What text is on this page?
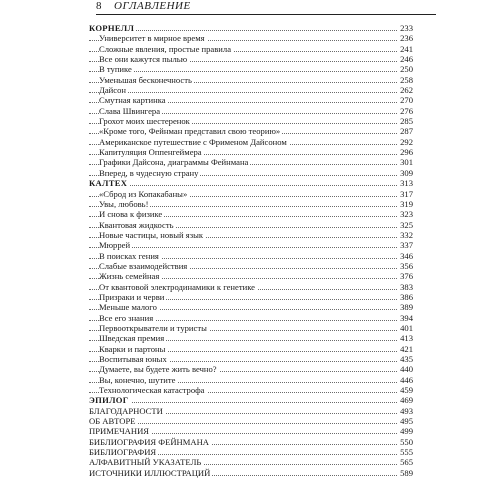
8 ОГЛАВЛЕНИЕ
КОРНЕЛЛ	233
Университет в мирное время	236
Сложные явления, простые правила	241
Все они кажутся пылью	246
В тупике	250
Уменьшая бесконечность	258
Дайсон	262
Смутная картинка	270
Слава Швингера	276
Грохот моих шестеренок	285
«Кроме того, Фейнман представил свою теорию»	287
Американское путешествие с Фрименом Дайсоном	292
Капитуляция Оппенгеймера	296
Графики Дайсона, диаграммы Фейнмана	301
Вперед, в чудесную страну	309
КАЛТЕХ	313
«Сброд из Копакабаны»	317
Увы, любовь!	319
И снова к физике	323
Квантовая жидкость	325
Новые частицы, новый язык	332
Мюррей	337
В поисках гения	346
Слабые взаимодействия	356
Жизнь семейная	376
От квантовой электродинамики к генетике	383
Призраки и черви	386
Меньше малого	389
Все его знания	394
Первооткрыватели и туристы	401
Шведская премия	413
Кварки и партоны	421
Воспитывая юных	435
Думаете, вы будете жить вечно?	440
Вы, конечно, шутите	446
Технологическая катастрофа	459
ЭПИЛОГ	469
БЛАГОДАРНОСТИ	493
ОБ АВТОРЕ	495
ПРИМЕЧАНИЯ	499
БИБЛИОГРАФИЯ ФЕЙНМАНА	550
БИБЛИОГРАФИЯ	555
АЛФАВИТНЫЙ УКАЗАТЕЛЬ	565
ИСТОЧНИКИ ИЛЛЮСТРАЦИЙ	589
